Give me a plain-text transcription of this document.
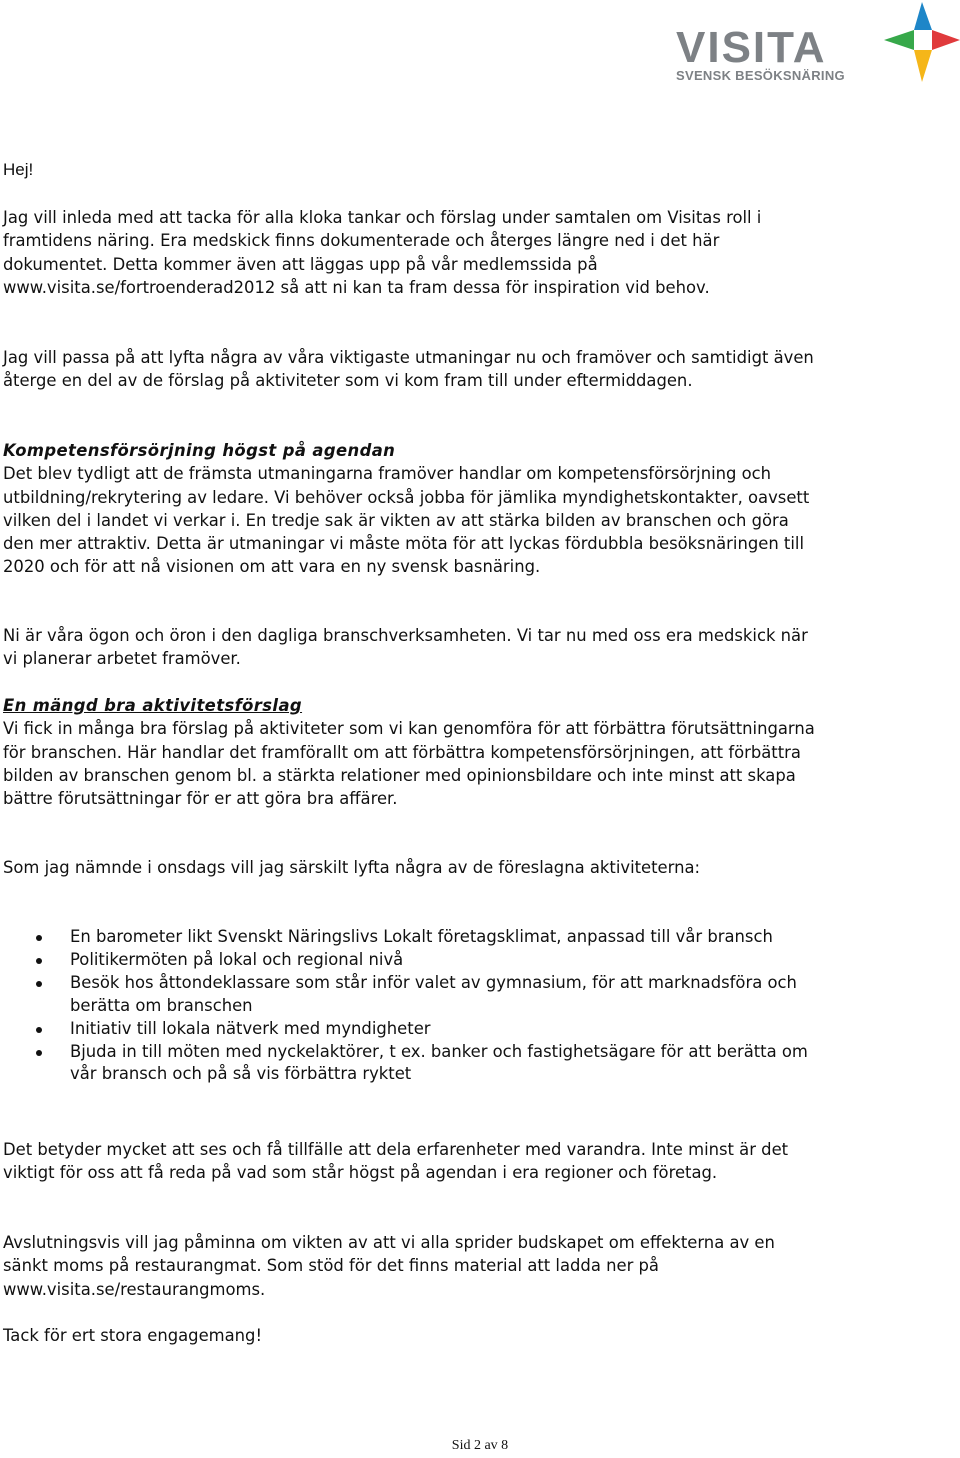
VISITA
SVENSK BESÖKSNÄRING
Hej!
Jag vill inleda med att tacka för alla kloka tankar och förslag under samtalen om Visitas roll i framtidens näring. Era medskick finns dokumenterade och återges längre ned i det här dokumentet. Detta kommer även att läggas upp på vår medlemssida på www.visita.se/fortroenderad2012 så att ni kan ta fram dessa för inspiration vid behov.
Jag vill passa på att lyfta några av våra viktigaste utmaningar nu och framöver och samtidigt även återge en del av de förslag på aktiviteter som vi kom fram till under eftermiddagen.

Kompetensförsörjning högst på agendan

Det blev tydligt att de främsta utmaningarna framöver handlar om kompetensförsörjning och utbildning/rekrytering av ledare. Vi behöver också jobba för jämlika myndighetskontakter, oavsett vilken del i landet vi verkar i. En tredje sak är vikten av att stärka bilden av branschen och göra den mer attraktiv. Detta är utmaningar vi måste möta för att lyckas fördubbla besöksnäringen till 2020 och för att nå visionen om att vara en ny svensk basnäring.

Ni är våra ögon och öron i den dagliga branschverksamheten. Vi tar nu med oss era medskick när vi planerar arbetet framöver.

En mängd bra aktivitetsförslag

Vi fick in många bra förslag på aktiviteter som vi kan genomföra för att förbättra förutsättningarna för branschen. Här handlar det framförallt om att förbättra kompetensförsörjningen, att förbättra bilden av branschen genom bl. a stärkta relationer med opinionsbildare och inte minst att skapa bättre förutsättningar för er att göra bra affärer.

Som jag nämnde i onsdags vill jag särskilt lyfta några av de föreslagna aktiviteterna:
En barometer likt Svenskt Näringslivs Lokalt företagsklimat, anpassad till vår bransch
Politikermöten på lokal och regional nivå
Besök hos åttondeklassare som står inför valet av gymnasium, för att marknadsföra och berätta om branschen
Initiativ till lokala nätverk med myndigheter
Bjuda in till möten med nyckelaktörer, t ex. banker och fastighetsägare för att berätta om vår bransch och på så vis förbättra ryktet
Det betyder mycket att ses och få tillfälle att dela erfarenheter med varandra. Inte minst är det viktigt för oss att få reda på vad som står högst på agendan i era regioner och företag.
Avslutningsvis vill jag påminna om vikten av att vi alla sprider budskapet om effekterna av en sänkt moms på restaurangmat. Som stöd för det finns material att ladda ner på www.visita.se/restaurangmoms.
Tack för ert stora engagemang!
Sid 2 av 8
